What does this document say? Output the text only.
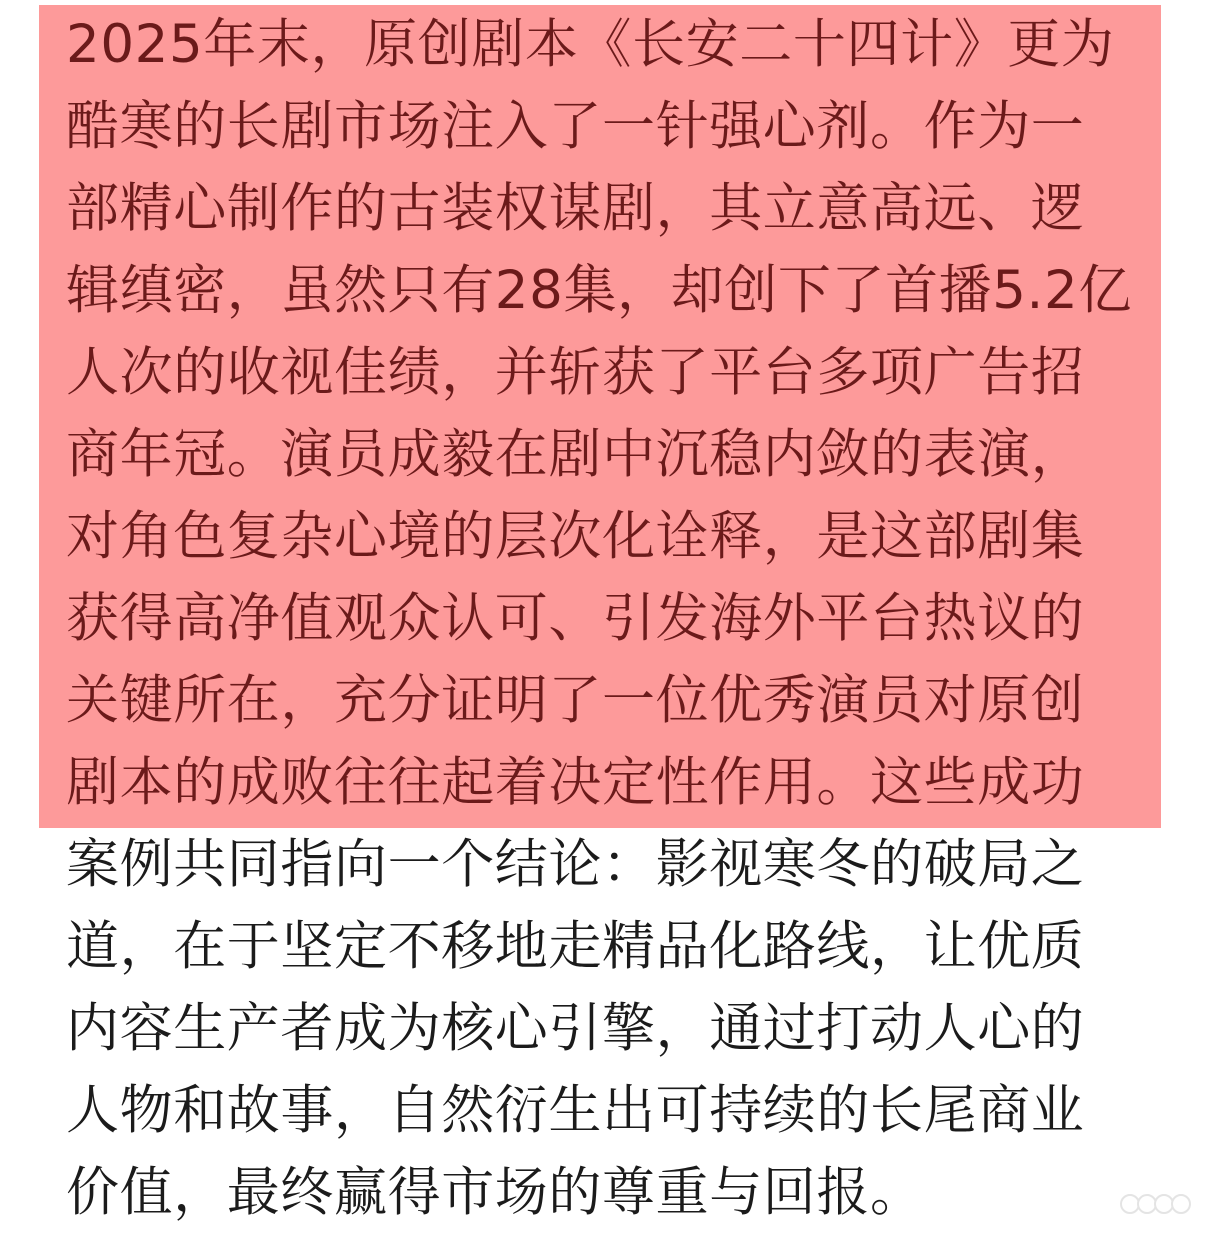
2025年末，原创剧本《长安二十四计》更为
酷寒的长剧市场注入了一针强心剂。作为一
部精心制作的古装权谋剧，其立意高远、逻
辑缜密，虽然只有28集，却创下了首播5.2亿
人次的收视佳绩，并斩获了平台多项广告招
商年冠。演员成毅在剧中沉稳内敛的表演，
对角色复杂心境的层次化诠释，是这部剧集
获得高净值观众认可、引发海外平台热议的
关键所在，充分证明了一位优秀演员对原创
剧本的成败往往起着决定性作用。这些成功
案例共同指向一个结论：影视寒冬的破局之
道，在于坚定不移地走精品化路线，让优质
内容生产者成为核心引擎，通过打动人心的
人物和故事，自然衍生出可持续的长尾商业
价值，最终赢得市场的尊重与回报。
